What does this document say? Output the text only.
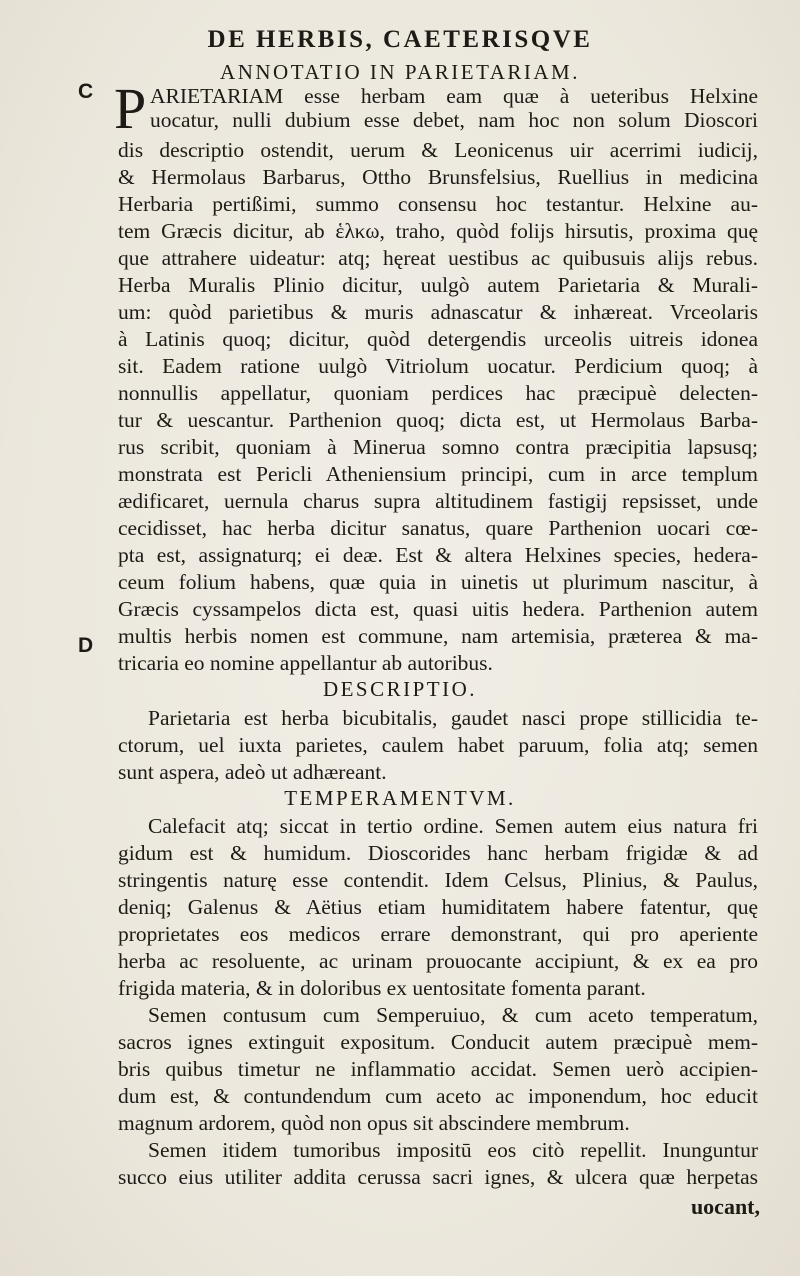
DE HERBIS, CAETERISQVE
ANNOTATIO IN PARIETARIAM.
C P ARIETARIAM esse herbam eam quæ à ueteribus Helxine
uocatur, nulli dubium esse debet, nam hoc non solum Dioscori
dis descriptio ostendit, uerum & Leonicenus uir acerrimi iudicij,
& Hermolaus Barbarus, Ottho Brunsfelsius, Ruellius in medicina
Herbaria pertißimi, summo consensu hoc testantur. Helxine au-
tem Græcis dicitur, ab ἑλκω, traho, quòd folijs hirsutis, proxima quę
que attrahere uideatur: atq; hęreat uestibus ac quibusuis alijs rebus.
Herba Muralis Plinio dicitur, uulgò autem Parietaria & Murali-
um: quòd parietibus & muris adnascatur & inhæreat. Vrceolaris
à Latinis quoq; dicitur, quòd detergendis urceolis uitreis idonea
sit. Eadem ratione uulgò Vitriolum uocatur. Perdicium quoq; à
nonnullis appellatur, quoniam perdices hac præcipuè delecten-
tur & uescantur. Parthenion quoq; dicta est, ut Hermolaus Barba-
rus scribit, quoniam à Minerua somno contra præcipitia lapsusq;
monstrata est Pericli Atheniensium principi, cum in arce templum
ædificaret, uernula charus supra altitudinem fastigij repsisset, unde
cecidisset, hac herba dicitur sanatus, quare Parthenion uocari cœ-
pta est, assignaturq; ei deæ. Est & altera Helxines species, hedera-
ceum folium habens, quæ quia in uinetis ut plurimum nascitur, à
Græcis cyssampelos dicta est, quasi uitis hedera. Parthenion autem
multis herbis nomen est commune, nam artemisia, præterea & ma-
D
tricaria eo nomine appellantur ab autoribus.
DESCRIPTIO.
Parietaria est herba bicubitalis, gaudet nasci prope stillicidia te-
ctorum, uel iuxta parietes, caulem habet paruum, folia atq; semen
sunt aspera, adeò ut adhæreant.
TEMPERAMENTVM.
Calefacit atq; siccat in tertio ordine. Semen autem eius natura fri
gidum est & humidum. Dioscorides hanc herbam frigidæ & ad
stringentis naturę esse contendit. Idem Celsus, Plinius, & Paulus,
deniq; Galenus & Aëtius etiam humiditatem habere fatentur, quę
proprietates eos medicos errare demonstrant, qui pro aperiente
herba ac resoluente, ac urinam prouocante accipiunt, & ex ea pro
frigida materia, & in doloribus ex uentositate fomenta parant.
Semen contusum cum Semperuiuo, & cum aceto temperatum,
sacros ignes extinguit expositum. Conducit autem præcipuè mem-
bris quibus timetur ne inflammatio accidat. Semen uerò accipien-
dum est, & contundendum cum aceto ac imponendum, hoc educit
magnum ardorem, quòd non opus sit abscindere membrum.
Semen itidem tumoribus impositū eos citò repellit. Inunguntur
succo eius utiliter addita cerussa sacri ignes, & ulcera quæ herpetas
uocant,
